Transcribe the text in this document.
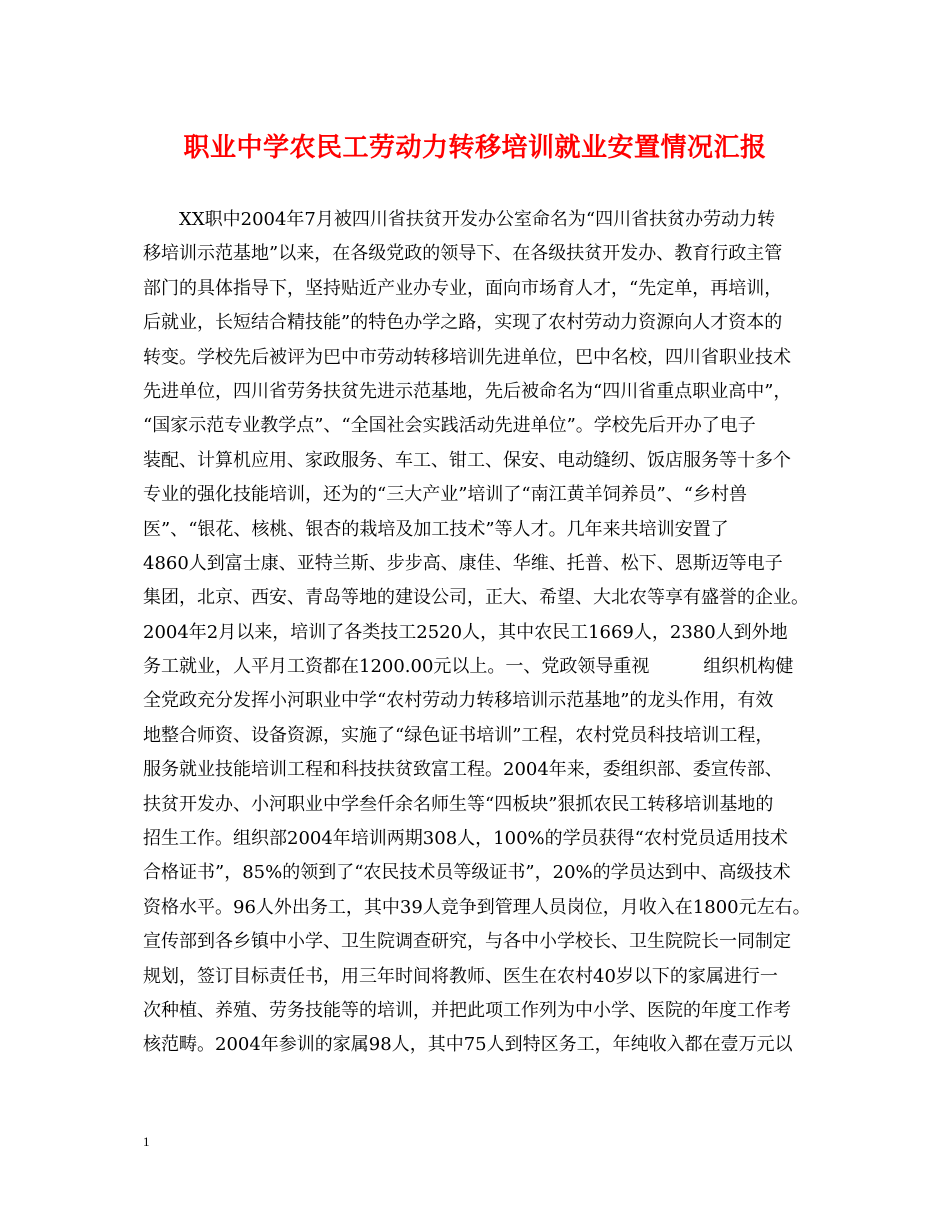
职业中学农民工劳动力转移培训就业安置情况汇报
　　XX职中2004年7月被四川省扶贫开发办公室命名为“四川省扶贫办劳动力转
移培训示范基地”以来，在各级党政的领导下、在各级扶贫开发办、教育行政主管
部门的具体指导下，坚持贴近产业办专业，面向市场育人才，“先定单，再培训，
后就业，长短结合精技能”的特色办学之路，实现了农村劳动力资源向人才资本的
转变。学校先后被评为巴中市劳动转移培训先进单位，巴中名校，四川省职业技术
先进单位，四川省劳务扶贫先进示范基地，先后被命名为“四川省重点职业高中”，
“国家示范专业教学点”、“全国社会实践活动先进单位”。学校先后开办了电子
装配、计算机应用、家政服务、车工、钳工、保安、电动缝纫、饭店服务等十多个
专业的强化技能培训，还为的“三大产业”培训了“南江黄羊饲养员”、“乡村兽
医”、“银花、核桃、银杏的栽培及加工技术”等人才。几年来共培训安置了
4860人到富士康、亚特兰斯、步步高、康佳、华维、托普、松下、恩斯迈等电子
集团，北京、西安、青岛等地的建设公司，正大、希望、大北农等享有盛誉的企业。
2004年2月以来，培训了各类技工2520人，其中农民工1669人，2380人到外地
务工就业，人平月工资都在1200.00元以上。一、党政领导重视　　　组织机构健
全党政充分发挥小河职业中学“农村劳动力转移培训示范基地”的龙头作用，有效
地整合师资、设备资源，实施了“绿色证书培训”工程，农村党员科技培训工程，
服务就业技能培训工程和科技扶贫致富工程。2004年来，委组织部、委宣传部、
扶贫开发办、小河职业中学叁仟余名师生等“四板块”狠抓农民工转移培训基地的
招生工作。组织部2004年培训两期308人，100%的学员获得“农村党员适用技术
合格证书”，85%的领到了“农民技术员等级证书”，20%的学员达到中、高级技术
资格水平。96人外出务工，其中39人竞争到管理人员岗位，月收入在1800元左右。
宣传部到各乡镇中小学、卫生院调查研究，与各中小学校长、卫生院院长一同制定
规划，签订目标责任书，用三年时间将教师、医生在农村40岁以下的家属进行一
次种植、养殖、劳务技能等的培训，并把此项工作列为中小学、医院的年度工作考
核范畴。2004年参训的家属98人，其中75人到特区务工，年纯收入都在壹万元以
1
